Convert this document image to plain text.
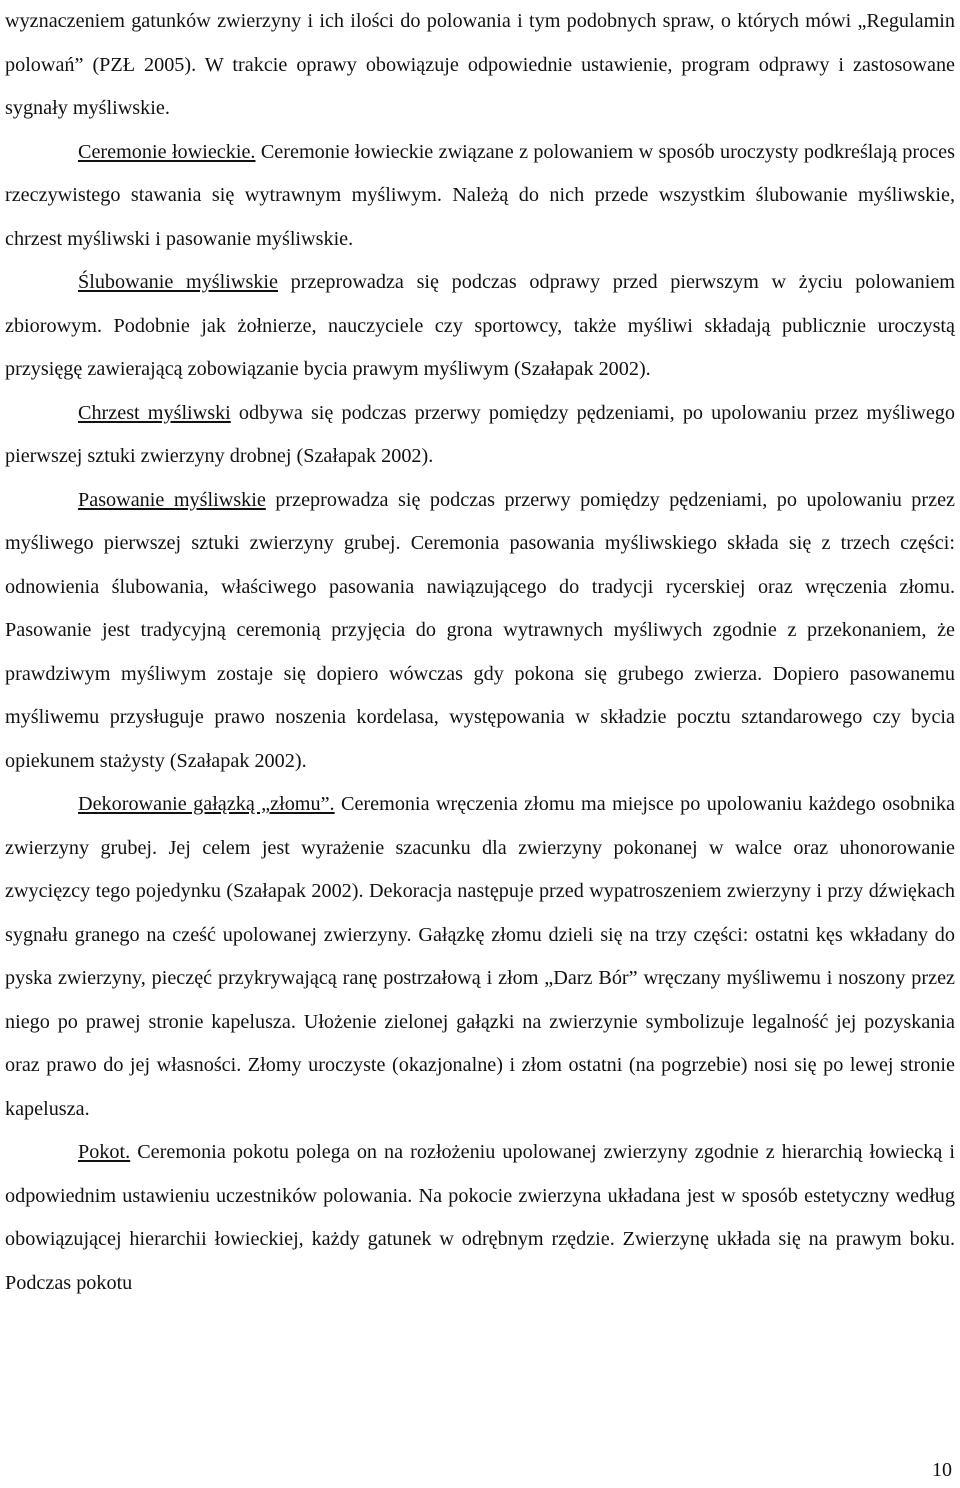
wyznaczeniem gatunków zwierzyny i ich ilości do polowania i tym podobnych spraw, o których mówi „Regulamin polowań” (PZŁ 2005). W trakcie oprawy obowiązuje odpowiednie ustawienie, program odprawy i zastosowane sygnały myśliwskie.

Ceremonie łowieckie. Ceremonie łowieckie związane z polowaniem w sposób uroczysty podkreślają proces rzeczywistego stawania się wytrawnym myśliwym. Należą do nich przede wszystkim ślubowanie myśliwskie, chrzest myśliwski i pasowanie myśliwskie.

Ślubowanie myśliwskie przeprowadza się podczas odprawy przed pierwszym w życiu polowaniem zbiorowym. Podobnie jak żołnierze, nauczyciele czy sportowcy, także myśliwi składają publicznie uroczystą przysięgę zawierającą zobowiązanie bycia prawym myśliwym (Szałapak 2002).

Chrzest myśliwski odbywa się podczas przerwy pomiędzy pędzeniami, po upolowaniu przez myśliwego pierwszej sztuki zwierzyny drobnej (Szałapak 2002).

Pasowanie myśliwskie przeprowadza się podczas przerwy pomiędzy pędzeniami, po upolowaniu przez myśliwego pierwszej sztuki zwierzyny grubej. Ceremonia pasowania myśliwskiego składa się z trzech części: odnowienia ślubowania, właściwego pasowania nawiązującego do tradycji rycerskiej oraz wręczenia złomu. Pasowanie jest tradycyjną ceremonią przyjęcia do grona wytrawnych myśliwych zgodnie z przekonaniem, że prawdziwym myśliwym zostaje się dopiero wówczas gdy pokona się grubego zwierza. Dopiero pasowanemu myśliwemu przysługuje prawo noszenia kordelasa, występowania w składzie pocztu sztandarowego czy bycia opiekunem stażysty (Szałapak 2002).

Dekorowanie gałązką „złomu”. Ceremonia wręczenia złomu ma miejsce po upolowaniu każdego osobnika zwierzyny grubej. Jej celem jest wyrażenie szacunku dla zwierzyny pokonanej w walce oraz uhonorowanie zwycięzcy tego pojedynku (Szałapak 2002). Dekoracja następuje przed wypatroszeniem zwierzyny i przy dźwiękach sygnału granego na cześć upolowanej zwierzyny. Gałązkę złomu dzieli się na trzy części: ostatni kęs wkładany do pyska zwierzyny, pieczęć przykrywającą ranę postrzałową i złom „Darz Bór” wręczany myśliwemu i noszony przez niego po prawej stronie kapelusza. Ułożenie zielonej gałązki na zwierzynie symbolizuje legalność jej pozyskania oraz prawo do jej własności. Złomy uroczyste (okazjonalne) i złom ostatni (na pogrzebie) nosi się po lewej stronie kapelusza.

Pokot. Ceremonia pokotu polega on na rozłożeniu upolowanej zwierzyny zgodnie z hierarchią łowiecką i odpowiednim ustawieniu uczestników polowania. Na pokocie zwierzyna układana jest w sposób estetyczny według obowiązującej hierarchii łowieckiej, każdy gatunek w odrębnym rzędzie. Zwierzynę układa się na prawym boku. Podczas pokotu

10
